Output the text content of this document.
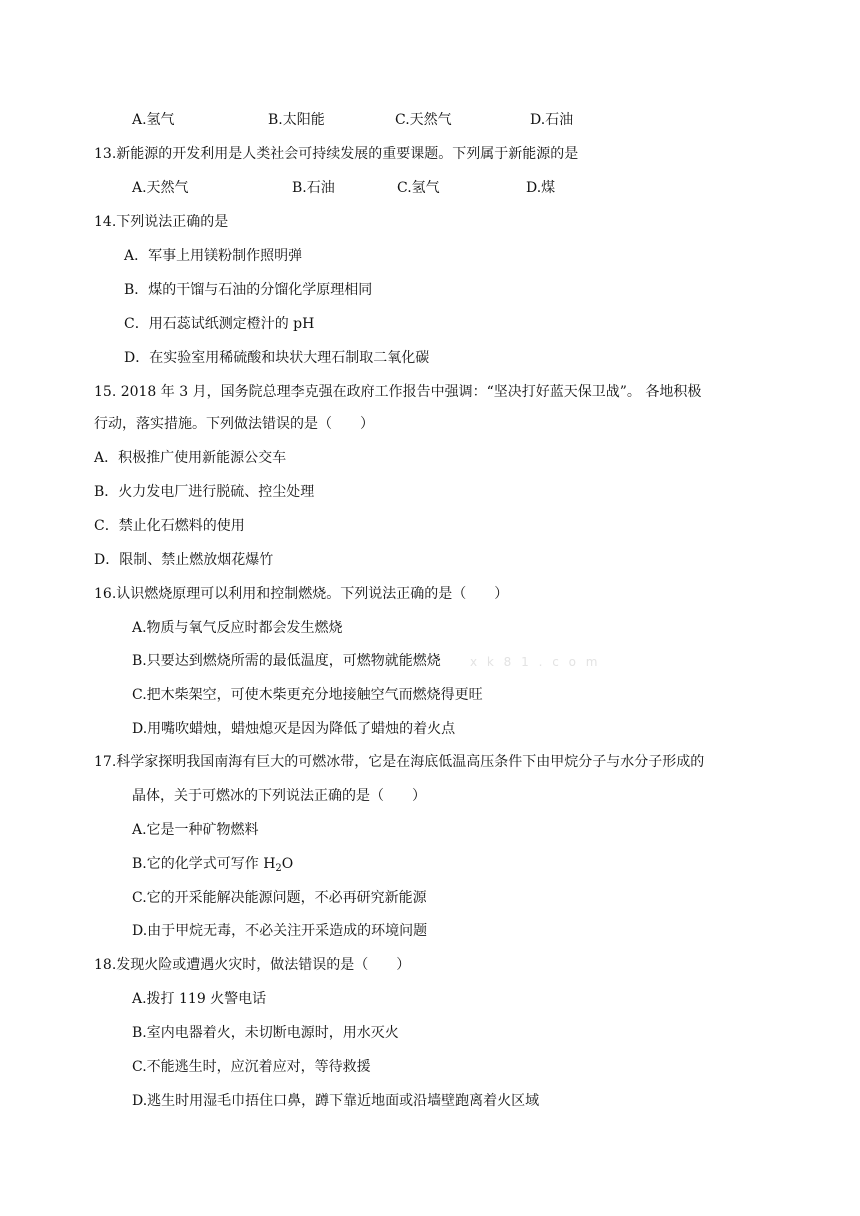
A.氢气	B.太阳能	C.天然气	D.石油
13.新能源的开发利用是人类社会可持续发展的重要课题。下列属于新能源的是
A.天然气	B.石油	C.氢气	D.煤
14.下列说法正确的是
A．军事上用镁粉制作照明弹
B．煤的干馏与石油的分馏化学原理相同
C．用石蕊试纸测定橙汁的 pH
D．在实验室用稀硫酸和块状大理石制取二氧化碳
15. 2018 年 3 月，国务院总理李克强在政府工作报告中强调：“坚决打好蓝天保卫战”。 各地积极
行动，落实措施。下列做法错误的是（　　）
A．积极推广使用新能源公交车
B．火力发电厂进行脱硫、控尘处理
C．禁止化石燃料的使用
D．限制、禁止燃放烟花爆竹
16.认识燃烧原理可以利用和控制燃烧。下列说法正确的是（　　）
A.物质与氧气反应时都会发生燃烧
B.只要达到燃烧所需的最低温度，可燃物就能燃烧 x k 8 1 . c o m
C.把木柴架空，可使木柴更充分地接触空气而燃烧得更旺
D.用嘴吹蜡烛，蜡烛熄灭是因为降低了蜡烛的着火点
17.科学家探明我国南海有巨大的可燃冰带，它是在海底低温高压条件下由甲烷分子与水分子形成的
晶体，关于可燃冰的下列说法正确的是（　　）
A.它是一种矿物燃料
B.它的化学式可写作 $H_2O$
C.它的开采能解决能源问题，不必再研究新能源
D.由于甲烷无毒，不必关注开采造成的环境问题
18.发现火险或遭遇火灾时，做法错误的是（　　）
A.拨打 119 火警电话
B.室内电器着火，未切断电源时，用水灭火
C.不能逃生时，应沉着应对，等待救援
D.逃生时用湿毛巾捂住口鼻，蹲下靠近地面或沿墙壁跑离着火区域
